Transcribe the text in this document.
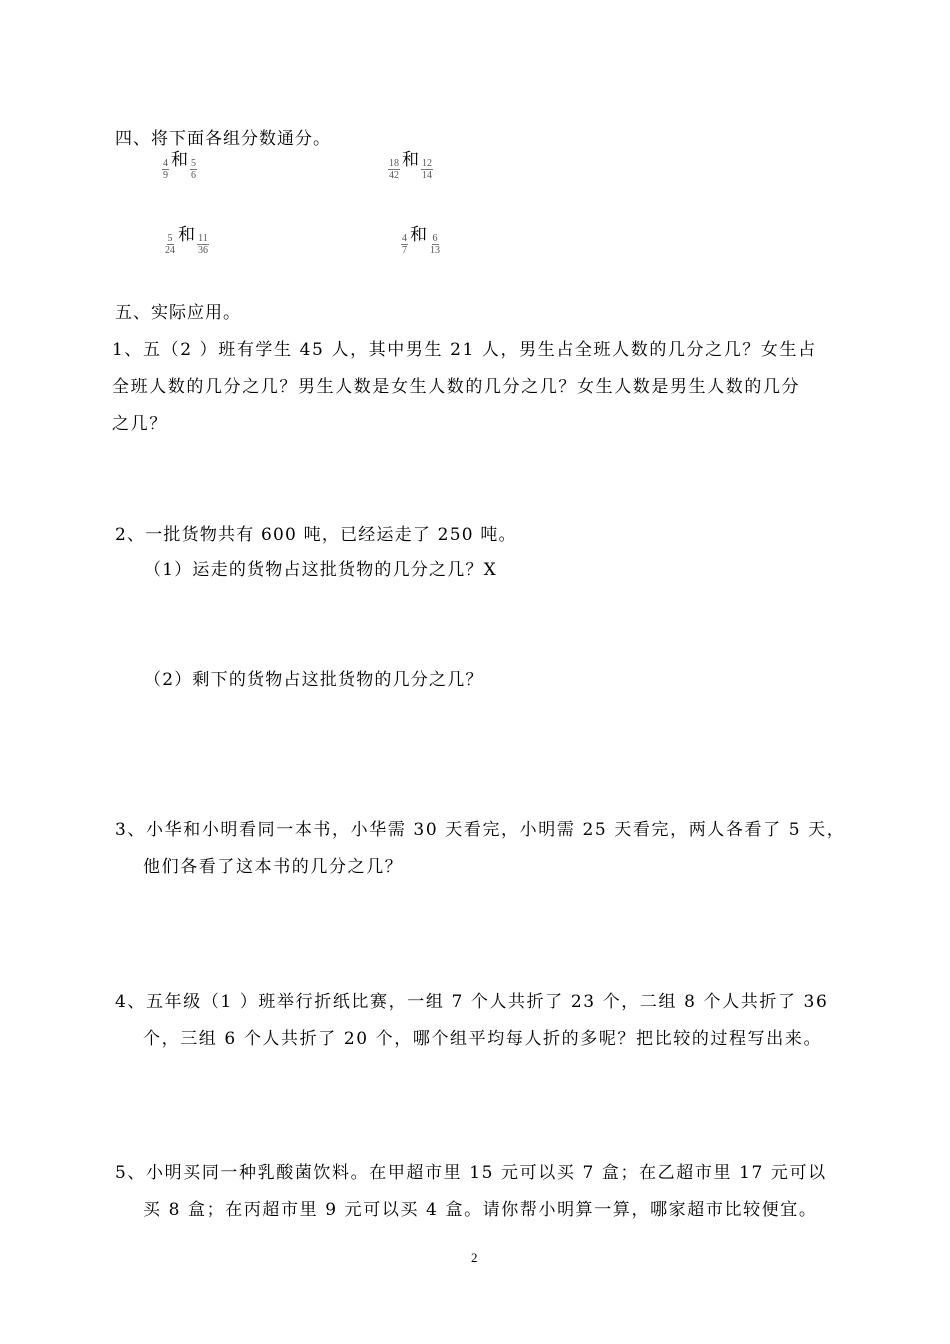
四、将下面各组分数通分。
$\frac{4}{9}$ 和 $\frac{5}{6}$	$\frac{18}{42}$ 和 $\frac{12}{14}$
$\frac{5}{24}$ 和 $\frac{11}{36}$	$\frac{4}{7}$ 和 $\frac{6}{13}$
五、实际应用。
1、五（2 ）班有学生 45 人，其中男生 21 人，男生占全班人数的几分之几？女生占
全班人数的几分之几？男生人数是女生人数的几分之几？女生人数是男生人数的几分
之几？
2、一批货物共有 600 吨，已经运走了 250 吨。
（1）运走的货物占这批货物的几分之几？X
（2）剩下的货物占这批货物的几分之几？
3、小华和小明看同一本书，小华需 30 天看完，小明需 25 天看完，两人各看了 5 天，
他们各看了这本书的几分之几？
4、五年级（1 ）班举行折纸比赛，一组 7 个人共折了 23 个，二组 8 个人共折了 36
个，三组 6 个人共折了 20 个，哪个组平均每人折的多呢？把比较的过程写出来。
5、小明买同一种乳酸菌饮料。在甲超市里 15 元可以买 7 盒；在乙超市里 17 元可以
买 8 盒；在丙超市里 9 元可以买 4 盒。请你帮小明算一算，哪家超市比较便宜。
2
